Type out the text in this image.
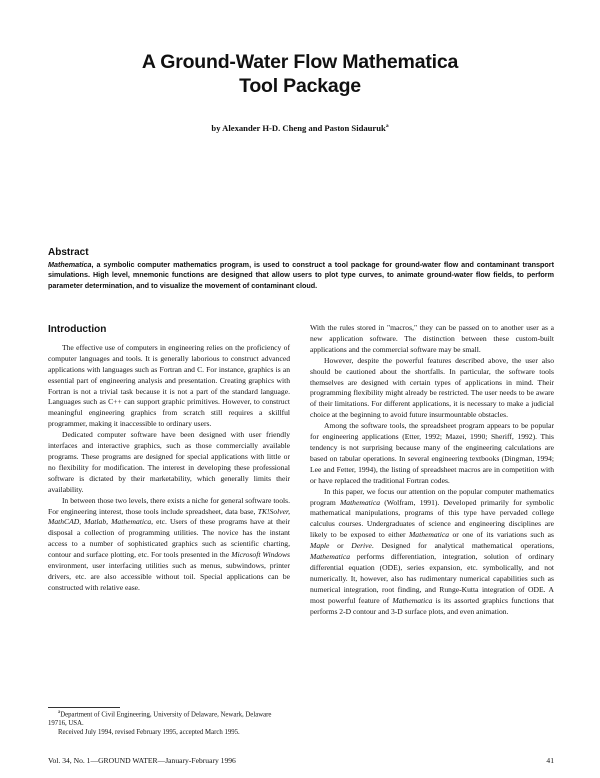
A Ground-Water Flow Mathematica
Tool Package
by Alexander H-D. Cheng and Paston Sidauruk$^a$
Abstract
Mathematica, a symbolic computer mathematics program, is used to construct a tool package for ground-water flow and contaminant transport simulations. High level, mnemonic functions are designed that allow users to plot type curves, to animate ground-water flow fields, to perform parameter determination, and to visualize the movement of contaminant cloud.
Introduction

The effective use of computers in engineering relies on the proficiency of computer languages and tools. It is generally laborious to construct advanced applications with languages such as Fortran and C. For instance, graphics is an essential part of engineering analysis and presentation. Creating graphics with Fortran is not a trivial task because it is not a part of the standard language. Languages such as C++ can support graphic primitives. However, to construct meaningful engineering graphics from scratch still requires a skillful programmer, making it inaccessible to ordinary users.

Dedicated computer software have been designed with user friendly interfaces and interactive graphics, such as those commercially available programs. These programs are designed for special applications with little or no flexibility for modification. The interest in developing these professional software is dictated by their marketability, which generally limits their availability.

In between those two levels, there exists a niche for general software tools. For engineering interest, those tools include spreadsheet, data base, TK!Solver, MathCAD, Matlab, Mathematica, etc. Users of these programs have at their disposal a collection of programming utilities. The novice has the instant access to a number of sophisticated graphics such as scientific charting, contour and surface plotting, etc. For tools presented in the Microsoft Windows environment, user interfacing utilities such as menus, subwindows, printer drivers, etc. are also accessible without toil. Special applications can be constructed with relative ease.

With the rules stored in "macros," they can be passed on to another user as a new application software. The distinction between these custom-built applications and the commercial software may be small.

However, despite the powerful features described above, the user also should be cautioned about the shortfalls. In particular, the software tools themselves are designed with certain types of applications in mind. Their programming flexibility might already be restricted. The user needs to be aware of their limitations. For different applications, it is necessary to make a judicial choice at the beginning to avoid future insurmountable obstacles.

Among the software tools, the spreadsheet program appears to be popular for engineering applications (Etter, 1992; Mazei, 1990; Sheriff, 1992). This tendency is not surprising because many of the engineering calculations are based on tabular operations. In several engineering textbooks (Dingman, 1994; Lee and Fetter, 1994), the listing of spreadsheet macros are in competition with or have replaced the traditional Fortran codes.

In this paper, we focus our attention on the popular computer mathematics program Mathematica (Wolfram, 1991). Developed primarily for symbolic mathematical manipulations, programs of this type have pervaded college calculus courses. Undergraduates of science and engineering disciplines are likely to be exposed to either Mathematica or one of its variations such as Maple or Derive. Designed for analytical mathematical operations, Mathematica performs differentiation, integration, solution of ordinary differential equation (ODE), series expansion, etc. symbolically, and not numerically. It, however, also has rudimentary numerical capabilities such as numerical integration, root finding, and Runge-Kutta integration of ODE. A most powerful feature of Mathematica is its assorted graphics functions that performs 2-D contour and 3-D surface plots, and even animation.

$^a$Department of Civil Engineering, University of Delaware, Newark, Delaware 19716, USA.

Received July 1994, revised February 1995, accepted March 1995.

Vol. 34, No. 1—GROUND WATER—January-February 1996	41
